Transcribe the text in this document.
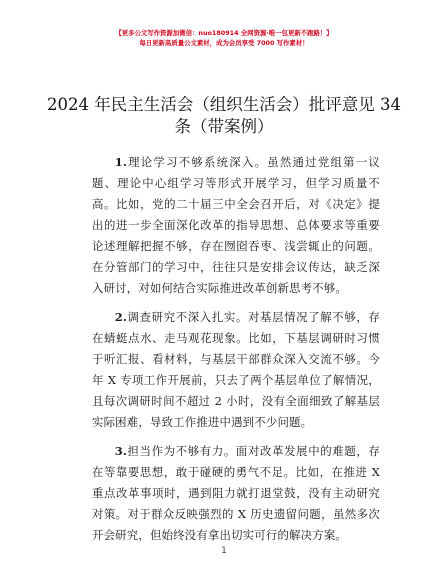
【更多公文写作资源加微信：nuo180914 全网资源·唯一包更新不跑路！】
每日更新高质量公文素材，成为会员享受 7000 写作素材！
2024 年民主生活会（组织生活会）批评意见 34 条（带案例）

1.理论学习不够系统深入。虽然通过党组第一议题、理论中心组学习等形式开展学习，但学习质量不高。比如，党的二十届三中全会召开后，对《决定》提出的进一步全面深化改革的指导思想、总体要求等重要论述理解把握不够，存在囫囵吞枣、浅尝辄止的问题。在分管部门的学习中，往往只是安排会议传达，缺乏深入研讨，对如何结合实际推进改革创新思考不够。

2.调查研究不深入扎实。对基层情况了解不够，存在蜻蜓点水、走马观花现象。比如，下基层调研时习惯于听汇报、看材料，与基层干部群众深入交流不够。今年 X 专项工作开展前，只去了两个基层单位了解情况，且每次调研时间不超过 2 小时，没有全面细致了解基层实际困难，导致工作推进中遇到不少问题。

3.担当作为不够有力。面对改革发展中的难题，存在等靠要思想，敢于碰硬的勇气不足。比如，在推进 X 重点改革事项时，遇到阻力就打退堂鼓，没有主动研究对策。对于群众反映强烈的 X 历史遗留问题，虽然多次开会研究，但始终没有拿出切实可行的解决方案。

1
